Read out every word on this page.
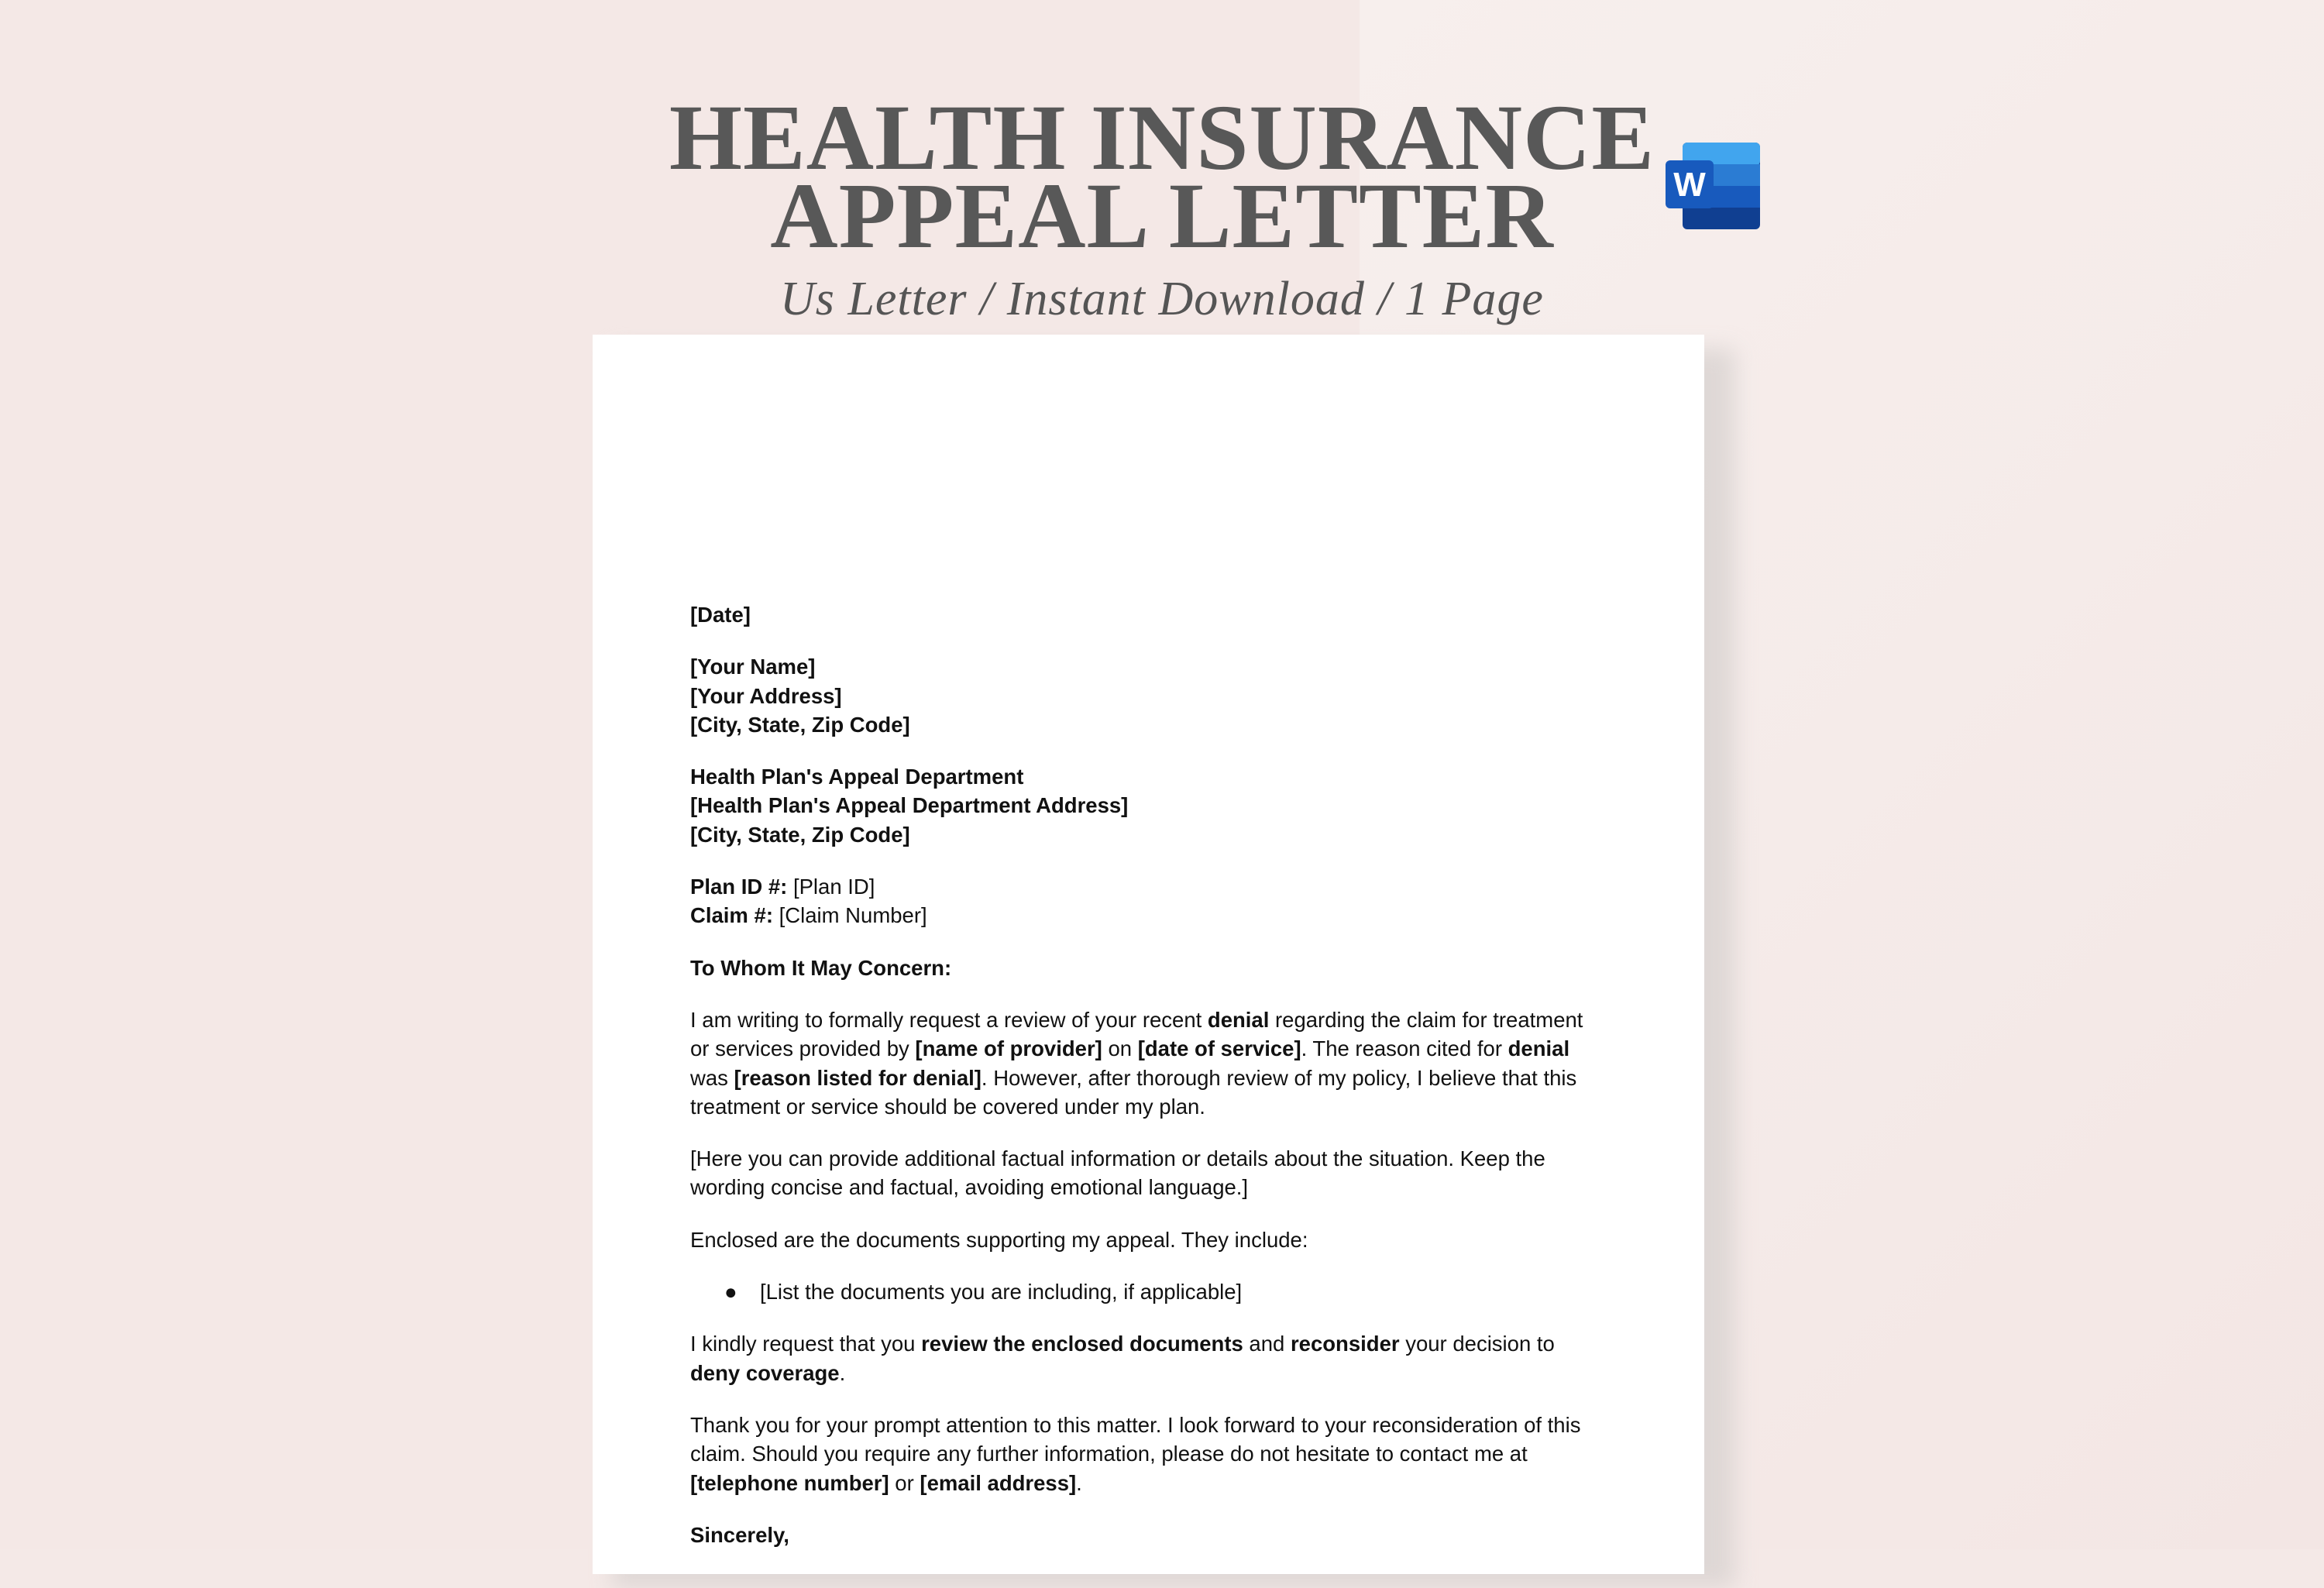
HEALTH INSURANCE
APPEAL LETTER
Us Letter / Instant Download / 1 Page
W

[Date]

[Your Name]
[Your Address]
[City, State, Zip Code]

Health Plan's Appeal Department
[Health Plan's Appeal Department Address]
[City, State, Zip Code]

Plan ID #: [Plan ID]
Claim #: [Claim Number]

To Whom It May Concern:

I am writing to formally request a review of your recent denial regarding the claim for treatment or services provided by [name of provider] on [date of service]. The reason cited for denial was [reason listed for denial]. However, after thorough review of my policy, I believe that this treatment or service should be covered under my plan.

[Here you can provide additional factual information or details about the situation. Keep the wording concise and factual, avoiding emotional language.]

Enclosed are the documents supporting my appeal. They include:

●	[List the documents you are including, if applicable]

I kindly request that you review the enclosed documents and reconsider your decision to deny coverage.

Thank you for your prompt attention to this matter. I look forward to your reconsideration of this claim. Should you require any further information, please do not hesitate to contact me at [telephone number] or [email address].

Sincerely,
